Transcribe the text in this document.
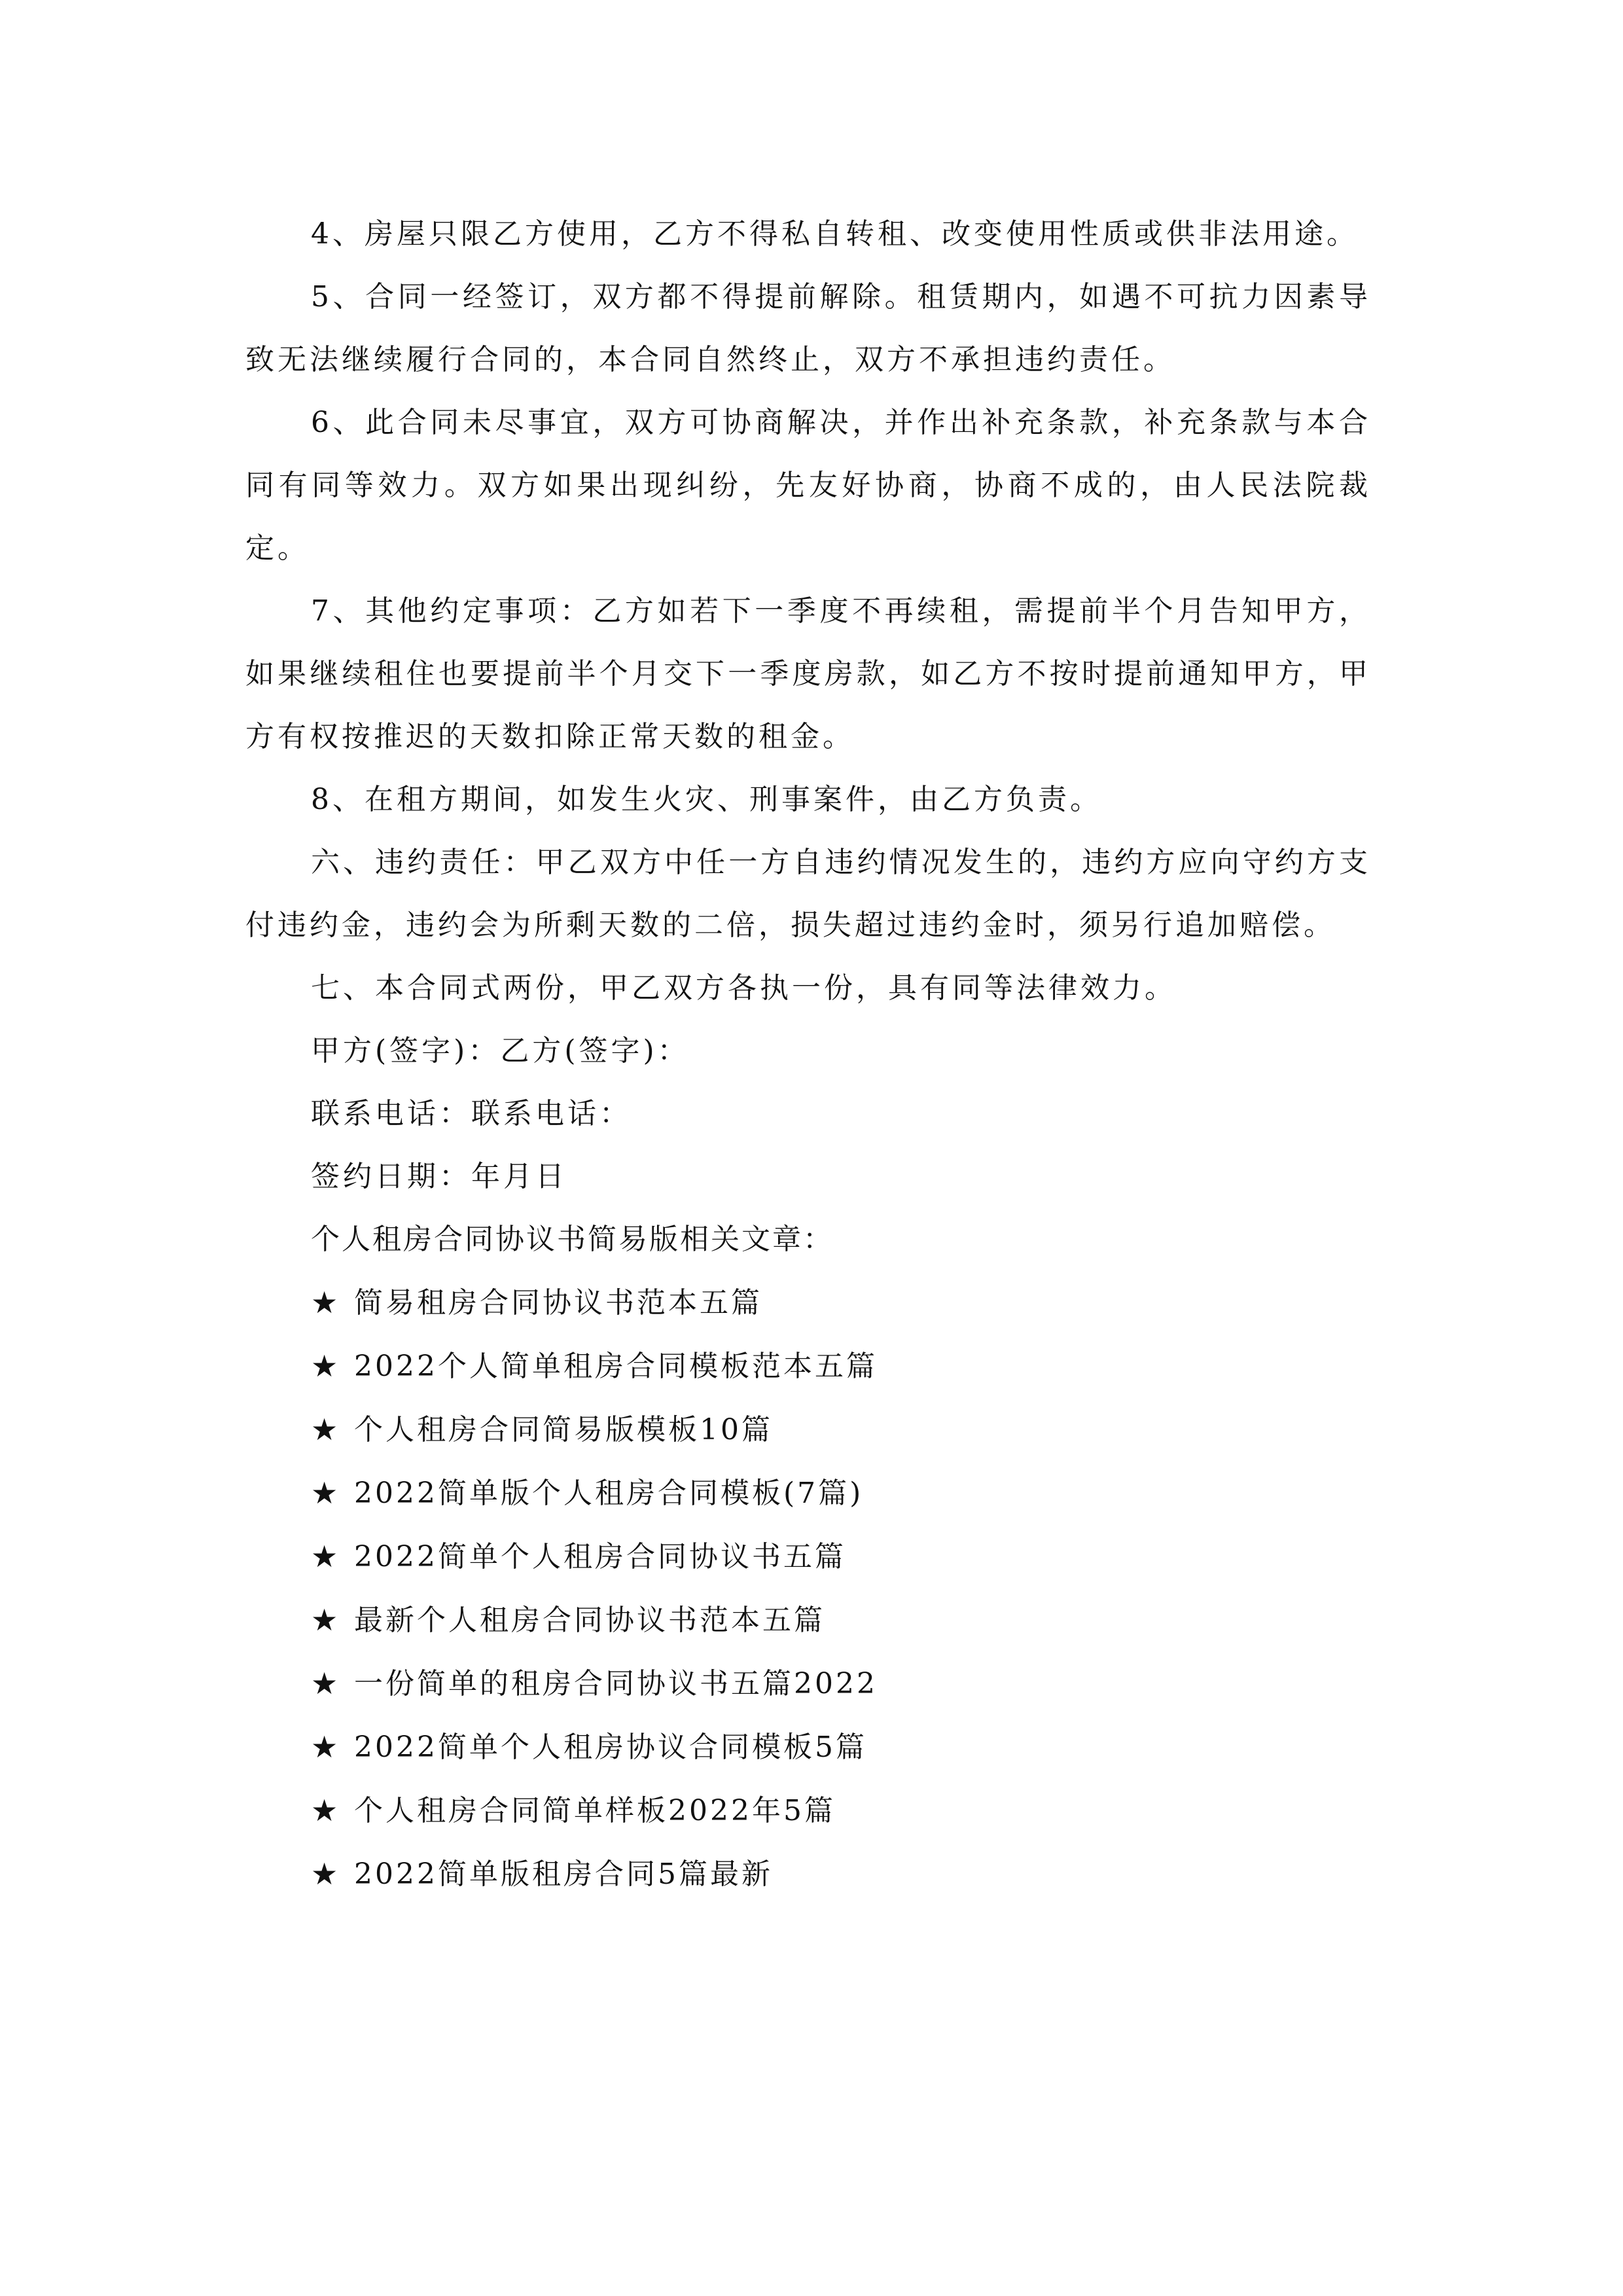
4、房屋只限乙方使用，乙方不得私自转租、改变使用性质或供非法用途。

5、合同一经签订，双方都不得提前解除。租赁期内，如遇不可抗力因素导致无法继续履行合同的，本合同自然终止，双方不承担违约责任。

6、此合同未尽事宜，双方可协商解决，并作出补充条款，补充条款与本合同有同等效力。双方如果出现纠纷，先友好协商，协商不成的，由人民法院裁定。

7、其他约定事项：乙方如若下一季度不再续租，需提前半个月告知甲方，如果继续租住也要提前半个月交下一季度房款，如乙方不按时提前通知甲方，甲方有权按推迟的天数扣除正常天数的租金。

8、在租方期间，如发生火灾、刑事案件，由乙方负责。

六、违约责任：甲乙双方中任一方自违约情况发生的，违约方应向守约方支付违约金，违约会为所剩天数的二倍，损失超过违约金时，须另行追加赔偿。

七、本合同式两份，甲乙双方各执一份，具有同等法律效力。

甲方(签字)：乙方(签字)：

联系电话：联系电话：

签约日期：年月日

个人租房合同协议书简易版相关文章：

★ 简易租房合同协议书范本五篇
★ 2022个人简单租房合同模板范本五篇
★ 个人租房合同简易版模板10篇
★ 2022简单版个人租房合同模板(7篇)
★ 2022简单个人租房合同协议书五篇
★ 最新个人租房合同协议书范本五篇
★ 一份简单的租房合同协议书五篇2022
★ 2022简单个人租房协议合同模板5篇
★ 个人租房合同简单样板2022年5篇
★ 2022简单版租房合同5篇最新
